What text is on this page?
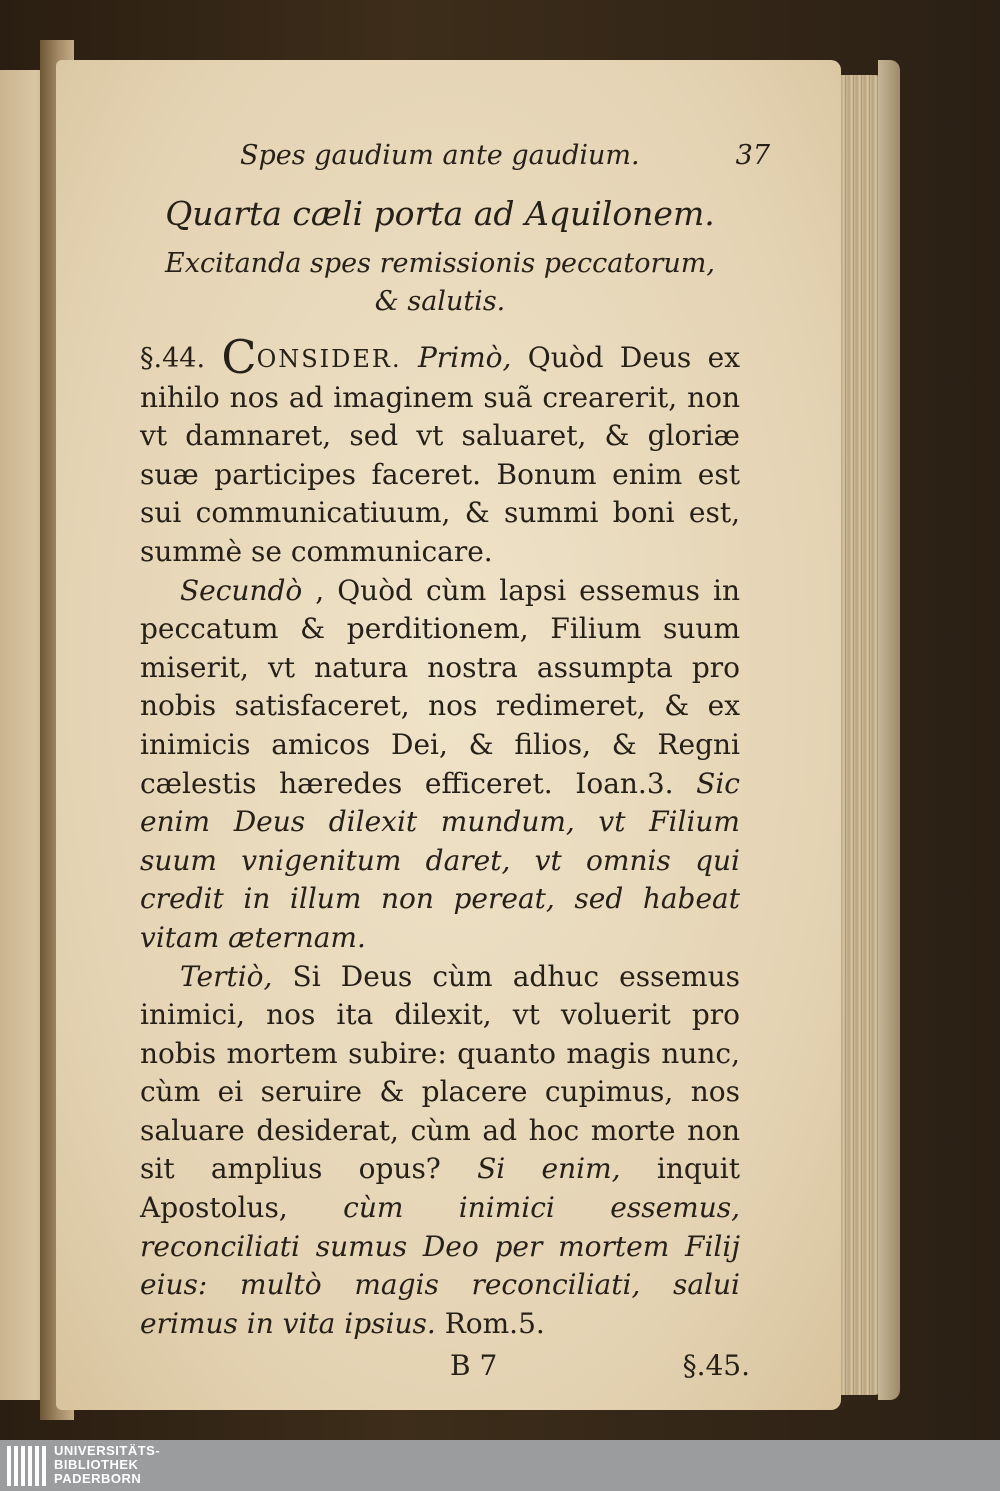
Spes gaudium ante gaudium.	37
Quarta cæli porta ad Aquilonem.
Excitanda spes remissionis peccatorum, & salutis.

§.44. CONSIDER. Primò, Quòd Deus ex nihilo nos ad imaginem suã crearerit, non vt damnaret, sed vt saluaret, & gloriæ suæ participes faceret. Bonum enim est sui communicatiuum, & summi boni est, summè se communicare.

Secundò , Quòd cùm lapsi essemus in peccatum & perditionem, Filium suum miserit, vt natura nostra assumpta pro nobis satisfaceret, nos redimeret, & ex inimicis amicos Dei, & filios, & Regni cælestis hæredes efficeret. Ioan.3. Sic enim Deus dilexit mundum, vt Filium suum vnigenitum daret, vt omnis qui credit in illum non pereat, sed habeat vitam æternam.

Tertiò, Si Deus cùm adhuc essemus inimici, nos ita dilexit, vt voluerit pro nobis mortem subire: quanto magis nunc, cùm ei seruire & placere cupimus, nos saluare desiderat, cùm ad hoc morte non sit amplius opus? Si enim, inquit Apostolus, cùm inimici essemus, reconciliati sumus Deo per mortem Filij eius: multò magis reconciliati, salui erimus in vita ipsius. Rom.5.

B 7	§.45.
UNIVERSITÄTS-
BIBLIOTHEK
PADERBORN
